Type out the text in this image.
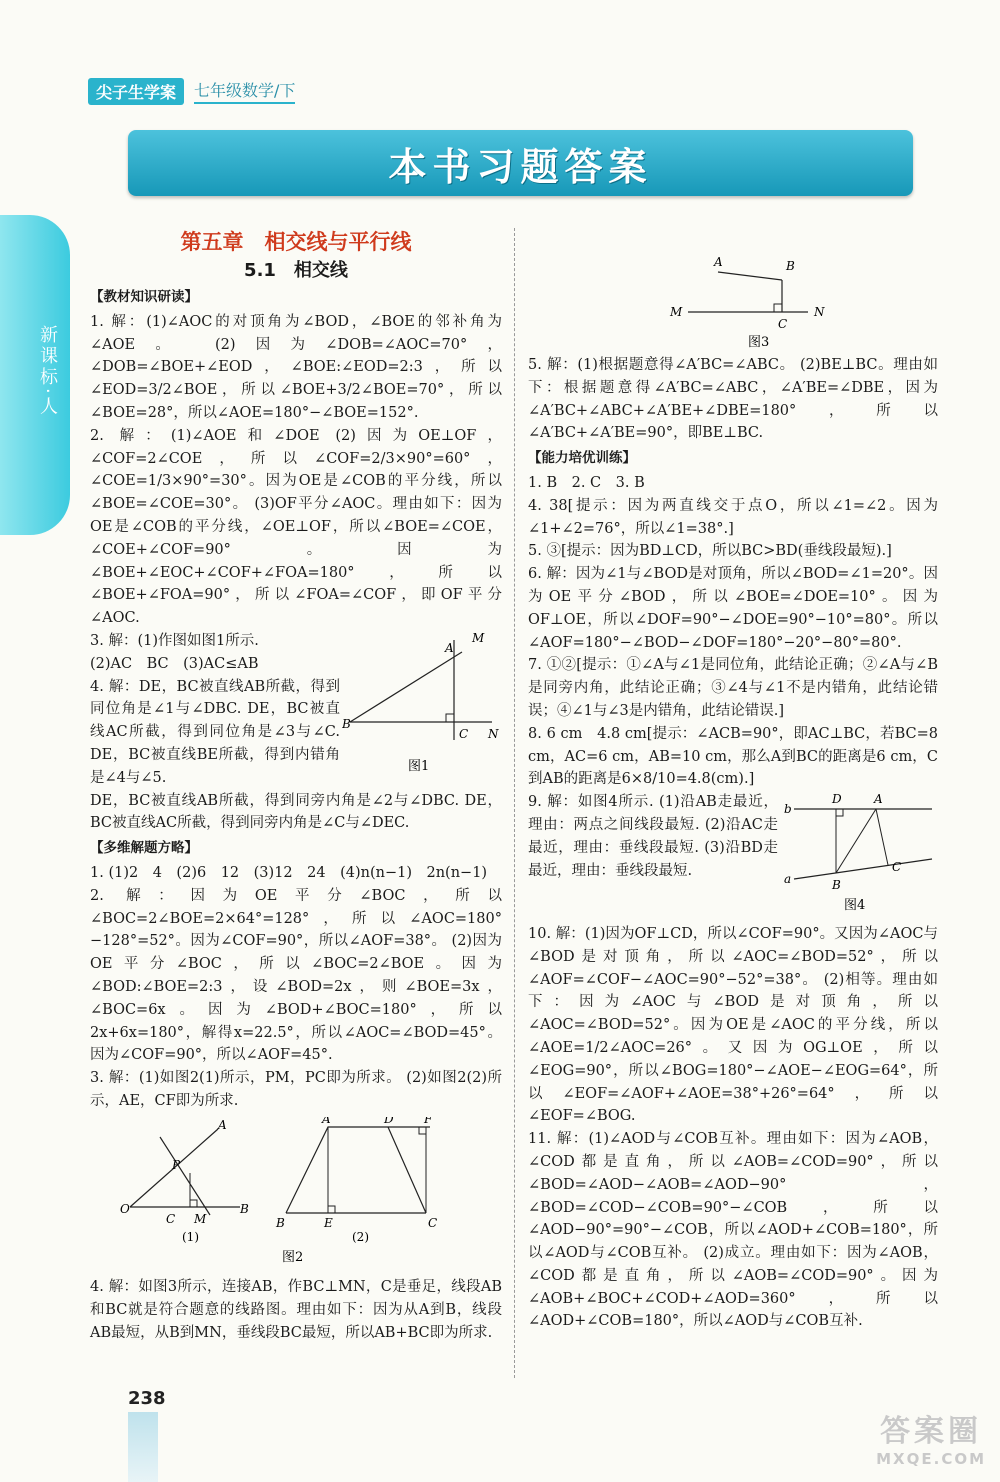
尖子生学案	七年级数学/下
本书习题答案
新课标·人
第五章　相交线与平行线
5.1　相交线
【教材知识研读】

1. 解：(1)∠AOC的对顶角为∠BOD，∠BOE的邻补角为∠AOE。 (2)因为∠DOB=∠AOC=70°，∠DOB=∠BOE+∠EOD，∠BOE:∠EOD=2:3，所以∠EOD=3/2∠BOE，所以∠BOE+3/2∠BOE=70°，所以∠BOE=28°，所以∠AOE=180°−∠BOE=152°.

2. 解：(1)∠AOE和∠DOE (2)因为OE⊥OF，∠COF=2∠COE，所以∠COF=2/3×90°=60°，∠COE=1/3×90°=30°。因为OE是∠COB的平分线，所以∠BOE=∠COE=30°。 (3)OF平分∠AOC。理由如下：因为OE是∠COB的平分线，∠OE⊥OF，所以∠BOE=∠COE，∠COE+∠COF=90°。因为∠BOE+∠EOC+∠COF+∠FOA=180°，所以∠BOE+∠FOA=90°，所以∠FOA=∠COF，即OF平分∠AOC.

3. 解：(1)作图如图1所示.

(2)AC　BC　(3)AC≤AB

4. 解：DE，BC被直线AB所截，得到同位角是∠1与∠DBC. DE，BC被直线AC所截，得到同位角是∠3与∠C. DE，BC被直线BE所截，得到内错角是∠4与∠5.

A
M
B
C N
图1

DE，BC被直线AB所截，得到同旁内角是∠2与∠DBC. DE，BC被直线AC所截，得到同旁内角是∠C与∠DEC.

【多维解题方略】

1. (1)2　4　(2)6　12　(3)12　24　(4)n(n−1)　2n(n−1)

2. 解：因为OE平分∠BOC，所以∠BOC=2∠BOE=2×64°=128°，所以∠AOC=180°−128°=52°。因为∠COF=90°，所以∠AOF=38°。 (2)因为OE平分∠BOC，所以∠BOC=2∠BOE。因为∠BOD:∠BOE=2:3，设∠BOD=2x，则∠BOE=3x，∠BOC=6x。因为∠BOD+∠BOC=180°，所以2x+6x=180°，解得x=22.5°，所以∠AOC=∠BOD=45°。因为∠COF=90°，所以∠AOF=45°.

3. 解：(1)如图2(1)所示，PM，PC即为所求。 (2)如图2(2)所示，AE，CF即为所求.

A
P
O
C M
B
(1)
A	D	F
B	E	C
(2)
图2

4. 解：如图3所示，连接AB，作BC⊥MN，C是垂足，线段AB和BC就是符合题意的线路图。理由如下：因为从A到B，线段AB最短，从B到MN，垂线段BC最短，所以AB+BC即为所求.

A	B
M
C
N
图3

5. 解：(1)根据题意得∠A′BC=∠ABC。 (2)BE⊥BC。理由如下：根据题意得∠A′BC=∠ABC，∠A′BE=∠DBE，因为∠A′BC+∠ABC+∠A′BE+∠DBE=180°，所以∠A′BC+∠A′BE=90°，即BE⊥BC.

【能力培优训练】

1. B　2. C　3. B

4. 38[提示：因为两直线交于点O，所以∠1=∠2。因为∠1+∠2=76°，所以∠1=38°.]

5. ③[提示：因为BD⊥CD，所以BC>BD(垂线段最短).]

6. 解：因为∠1与∠BOD是对顶角，所以∠BOD=∠1=20°。因为OE平分∠BOD，所以∠BOE=∠DOE=10°。因为OF⊥OE，所以∠DOF=90°−∠DOE=90°−10°=80°。所以∠AOF=180°−∠BOD−∠DOF=180°−20°−80°=80°.

7. ①②[提示：①∠A与∠1是同位角，此结论正确；②∠A与∠B是同旁内角，此结论正确；③∠4与∠1不是内错角，此结论错误；④∠1与∠3是内错角，此结论错误.]

8. 6 cm　4.8 cm[提示：∠ACB=90°，即AC⊥BC，若BC=8 cm，AC=6 cm，AB=10 cm，那么A到BC的距离是6 cm，C到AB的距离是6×8/10=4.8(cm).]

9. 解：如图4所示. (1)沿AB走最近，理由：两点之间线段最短. (2)沿AC走最近，理由：垂线段最短. (3)沿BD走最近，理由：垂线段最短.

b
D	A
a	B
C
图4

10. 解：(1)因为OF⊥CD，所以∠COF=90°。又因为∠AOC与∠BOD是对顶角，所以∠AOC=∠BOD=52°，所以∠AOF=∠COF−∠AOC=90°−52°=38°。 (2)相等。理由如下：因为∠AOC与∠BOD是对顶角，所以∠AOC=∠BOD=52°。因为OE是∠AOC的平分线，所以∠AOE=1/2∠AOC=26°。又因为OG⊥OE，所以∠EOG=90°，所以∠BOG=180°−∠AOE−∠EOG=64°，所以∠EOF=∠AOF+∠AOE=38°+26°=64°，所以∠EOF=∠BOG.

11. 解：(1)∠AOD与∠COB互补。理由如下：因为∠AOB，∠COD都是直角，所以∠AOB=∠COD=90°，所以∠BOD=∠AOD−∠AOB=∠AOD−90°，∠BOD=∠COD−∠COB=90°−∠COB，所以∠AOD−90°=90°−∠COB，所以∠AOD+∠COB=180°，所以∠AOD与∠COB互补。 (2)成立。理由如下：因为∠AOB，∠COD都是直角，所以∠AOB=∠COD=90°。因为∠AOB+∠BOC+∠COD+∠AOD=360°，所以∠AOD+∠COB=180°，所以∠AOD与∠COB互补.

238
答案圈
MXQE.COM
